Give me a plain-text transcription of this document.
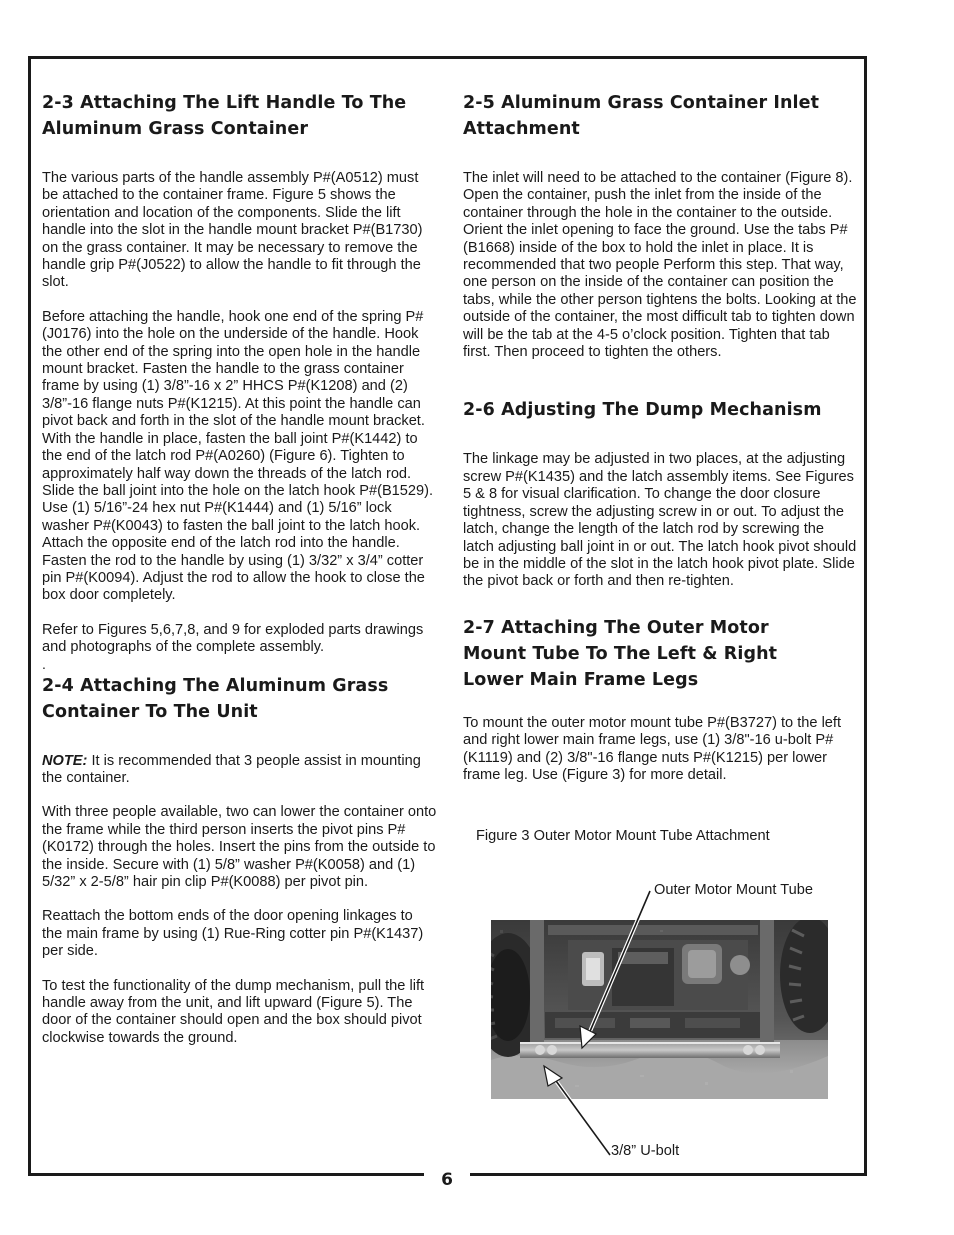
2-3 Attaching The Lift Handle To The
Aluminum Grass Container

The various parts of the handle assembly P#(A0512) must be attached to the container frame. Figure 5 shows the orientation and location of the components. Slide the lift handle into the slot in the handle mount bracket P#(B1730) on the grass container. It may be necessary to remove the handle grip P#(J0522) to allow the handle to fit through the slot.

Before attaching the handle, hook one end of the spring P#(J0176) into the hole on the underside of the handle. Hook the other end of the spring into the open hole in the handle mount bracket. Fasten the handle to the grass container frame by using (1) 3/8”-16 x 2” HHCS P#(K1208) and (2) 3/8”-16 flange nuts P#(K1215). At this point the handle can pivot back and forth in the slot of the handle mount bracket. With the handle in place, fasten the ball joint P#(K1442) to the end of the latch rod P#(A0260) (Figure 6). Tighten to approximately half way down the threads of the latch rod. Slide the ball joint into the hole on the latch hook P#(B1529). Use (1) 5/16”-24 hex nut P#(K1444) and (1) 5/16” lock washer P#(K0043) to fasten the ball joint to the latch hook. Attach the opposite end of the latch rod into the handle. Fasten the rod to the handle by using (1) 3/32” x 3/4” cotter pin P#(K0094). Adjust the rod to allow the hook to close the box door completely.

Refer to Figures 5,6,7,8, and 9 for exploded parts drawings and photographs of the complete assembly.

.

2-4 Attaching The Aluminum Grass
Container To The Unit

NOTE: It is recommended that 3 people assist in mounting the container.

With three people available, two can lower the container onto the frame while the third person inserts the pivot pins P#(K0172) through the holes. Insert the pins from the outside to the inside. Secure with (1) 5/8” washer P#(K0058) and (1) 5/32” x 2-5/8” hair pin clip P#(K0088) per pivot pin.

Reattach the bottom ends of the door opening linkages to the main frame by using (1) Rue-Ring cotter pin P#(K1437) per side.

To test the functionality of the dump mechanism, pull the lift handle away from the unit, and lift upward (Figure 5). The door of the container should open and the box should pivot clockwise towards the ground.

2-5 Aluminum Grass Container Inlet
Attachment

The inlet will need to be attached to the container (Figure 8). Open the container, push the inlet from the inside of the container through the hole in the container to the outside. Orient the inlet opening to face the ground. Use the tabs P#(B1668) inside of the box to hold the inlet in place. It is recommended that two people Perform this step. That way, one person on the inside of the container can position the tabs, while the other person tightens the bolts. Looking at the outside of the container, the most difficult tab to tighten down will be the tab at the 4-5 o’clock position. Tighten that tab first. Then proceed to tighten the others.

2-6 Adjusting The Dump Mechanism

The linkage may be adjusted in two places, at the adjusting screw P#(K1435) and the latch assembly items. See Figures 5 & 8 for visual clarification. To change the door closure tightness, screw the adjusting screw in or out. To adjust the latch, change the length of the latch rod by screwing the latch adjusting ball joint in or out. The latch hook pivot should be in the middle of the slot in the latch hook pivot plate. Slide the pivot back or forth and then re-tighten.

2-7 Attaching The Outer Motor
Mount Tube To The Left & Right
Lower Main Frame Legs

To mount the outer motor mount tube P#(B3727) to the left and right lower main frame legs, use (1) 3/8"-16 u-bolt P#(K1119) and (2) 3/8"-16 flange nuts P#(K1215) per lower frame leg. Use (Figure 3) for more detail.

Figure 3 Outer Motor Mount Tube Attachment

Outer Motor Mount Tube

3/8” U-bolt

6
